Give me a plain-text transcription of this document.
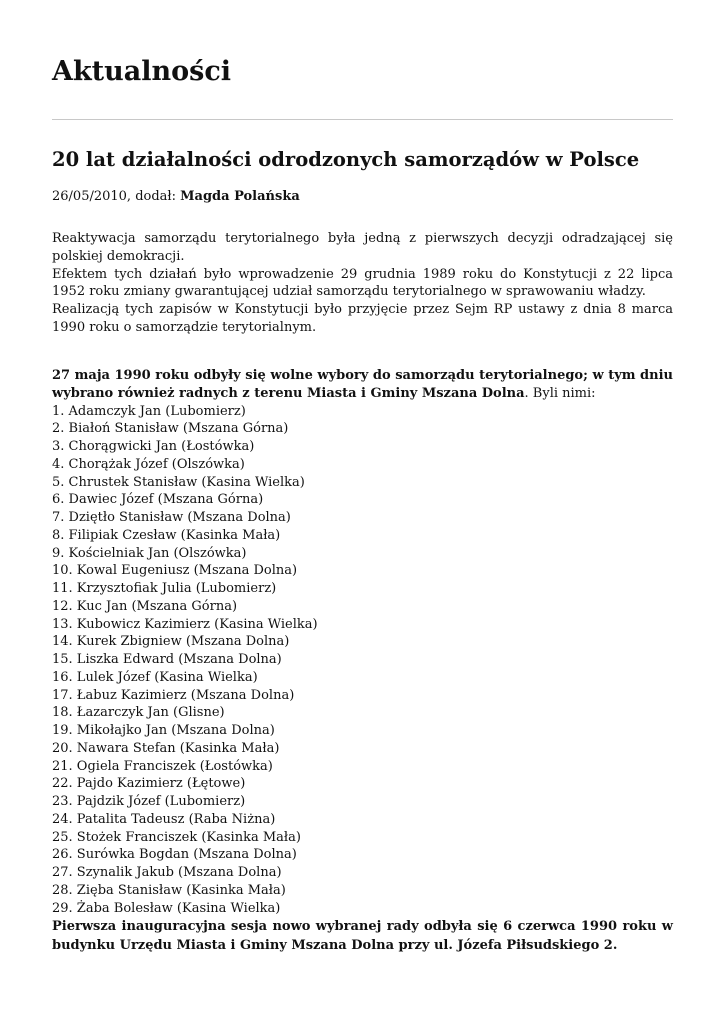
Aktualności
20 lat działalności odrodzonych samorządów w Polsce
26/05/2010, dodał: Magda Polańska

Reaktywacja samorządu terytorialnego była jedną z pierwszych decyzji odradzającej się polskiej demokracji.

Efektem tych działań było wprowadzenie 29 grudnia 1989 roku do Konstytucji z 22 lipca 1952 roku zmiany gwarantującej udział samorządu terytorialnego w sprawowaniu władzy.

Realizacją tych zapisów w Konstytucji było przyjęcie przez Sejm RP ustawy z dnia 8 marca 1990 roku o samorządzie terytorialnym.

27 maja 1990 roku odbyły się wolne wybory do samorządu terytorialnego; w tym dniu wybrano również radnych z terenu Miasta i Gminy Mszana Dolna. Byli nimi:

1. Adamczyk Jan (Lubomierz)
2. Białoń Stanisław (Mszana Górna)
3. Chorągwicki Jan (Łostówka)
4. Chorążak Józef (Olszówka)
5. Chrustek Stanisław (Kasina Wielka)
6. Dawiec Józef (Mszana Górna)
7. Dziętło Stanisław (Mszana Dolna)
8. Filipiak Czesław (Kasinka Mała)
9. Kościelniak Jan (Olszówka)
10. Kowal Eugeniusz (Mszana Dolna)
11. Krzysztofiak Julia (Lubomierz)
12. Kuc Jan (Mszana Górna)
13. Kubowicz Kazimierz (Kasina Wielka)
14. Kurek Zbigniew (Mszana Dolna)
15. Liszka Edward (Mszana Dolna)
16. Lulek Józef (Kasina Wielka)
17. Łabuz Kazimierz (Mszana Dolna)
18. Łazarczyk Jan (Glisne)
19. Mikołajko Jan (Mszana Dolna)
20. Nawara Stefan (Kasinka Mała)
21. Ogiela Franciszek (Łostówka)
22. Pajdo Kazimierz (Łętowe)
23. Pajdzik Józef (Lubomierz)
24. Patalita Tadeusz (Raba Niżna)
25. Stożek Franciszek (Kasinka Mała)
26. Surówka Bogdan (Mszana Dolna)
27. Szynalik Jakub (Mszana Dolna)
28. Zięba Stanisław (Kasinka Mała)
29. Żaba Bolesław (Kasina Wielka)

Pierwsza inauguracyjna sesja nowo wybranej rady odbyła się 6 czerwca 1990 roku w budynku Urzędu Miasta i Gminy Mszana Dolna przy ul. Józefa Piłsudskiego 2.
